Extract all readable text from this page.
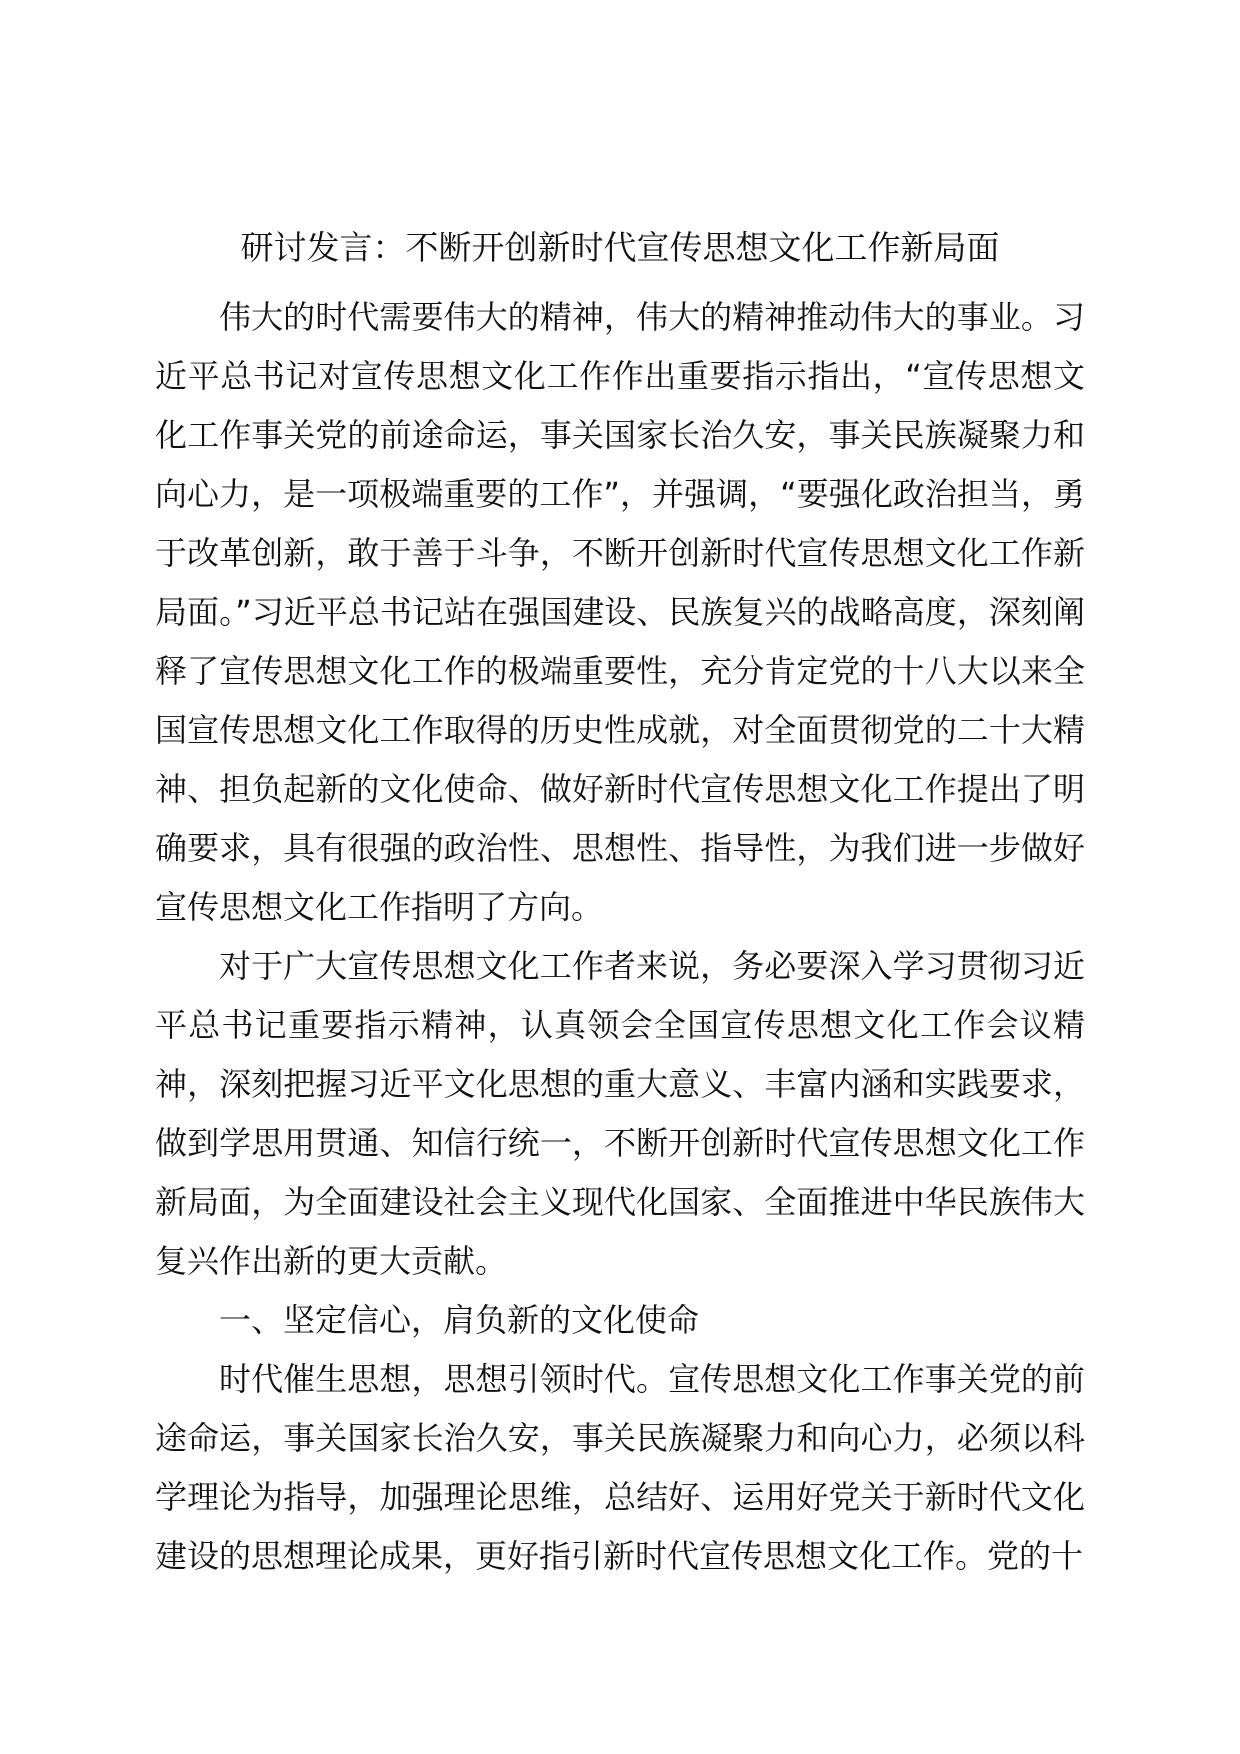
研讨发言：不断开创新时代宣传思想文化工作新局面

伟大的时代需要伟大的精神，伟大的精神推动伟大的事业。习近平总书记对宣传思想文化工作作出重要指示指出，“宣传思想文化工作事关党的前途命运，事关国家长治久安，事关民族凝聚力和向心力，是一项极端重要的工作”，并强调，“要强化政治担当，勇于改革创新，敢于善于斗争，不断开创新时代宣传思想文化工作新局面。”习近平总书记站在强国建设、民族复兴的战略高度，深刻阐释了宣传思想文化工作的极端重要性，充分肯定党的十八大以来全国宣传思想文化工作取得的历史性成就，对全面贯彻党的二十大精神、担负起新的文化使命、做好新时代宣传思想文化工作提出了明确要求，具有很强的政治性、思想性、指导性，为我们进一步做好宣传思想文化工作指明了方向。

对于广大宣传思想文化工作者来说，务必要深入学习贯彻习近平总书记重要指示精神，认真领会全国宣传思想文化工作会议精神，深刻把握习近平文化思想的重大意义、丰富内涵和实践要求，做到学思用贯通、知信行统一，不断开创新时代宣传思想文化工作新局面，为全面建设社会主义现代化国家、全面推进中华民族伟大复兴作出新的更大贡献。

一、坚定信心，肩负新的文化使命

时代催生思想，思想引领时代。宣传思想文化工作事关党的前途命运，事关国家长治久安，事关民族凝聚力和向心力，必须以科学理论为指导，加强理论思维，总结好、运用好党关于新时代文化建设的思想理论成果，更好指引新时代宣传思想文化工作。党的十
